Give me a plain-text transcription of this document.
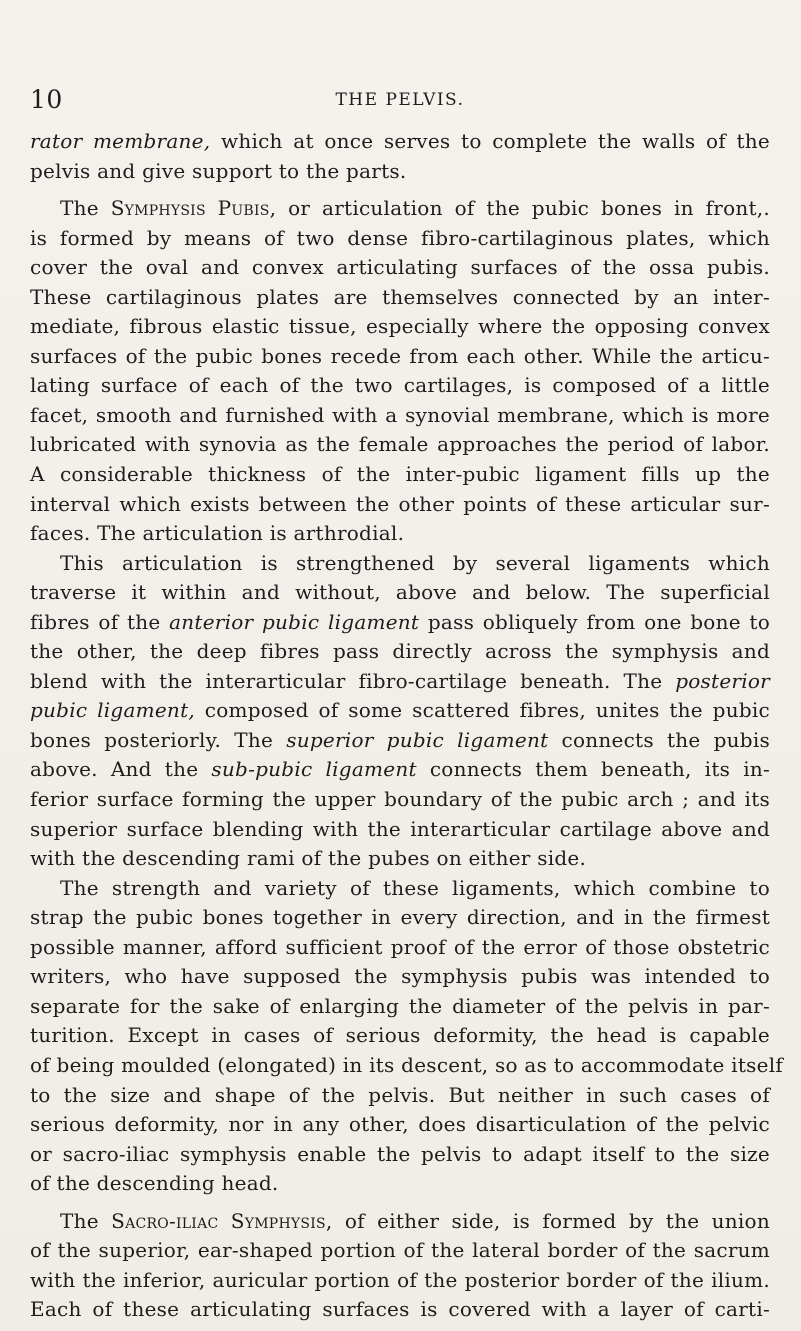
10	THE PELVIS.
rator membrane, which at once serves to complete the walls of the
pelvis and give support to the parts.
The Symphysis Pubis, or articulation of the pubic bones in front,.
is formed by means of two dense fibro-cartilaginous plates, which
cover the oval and convex articulating surfaces of the ossa pubis.
These cartilaginous plates are themselves connected by an inter-
mediate, fibrous elastic tissue, especially where the opposing convex
surfaces of the pubic bones recede from each other. While the articu-
lating surface of each of the two cartilages, is composed of a little
facet, smooth and furnished with a synovial membrane, which is more
lubricated with synovia as the female approaches the period of labor.
A considerable thickness of the inter-pubic ligament fills up the
interval which exists between the other points of these articular sur-
faces. The articulation is arthrodial.
This articulation is strengthened by several ligaments which
traverse it within and without, above and below. The superficial
fibres of the anterior pubic ligament pass obliquely from one bone to
the other, the deep fibres pass directly across the symphysis and
blend with the interarticular fibro-cartilage beneath. The posterior
pubic ligament, composed of some scattered fibres, unites the pubic
bones posteriorly. The superior pubic ligament connects the pubis
above. And the sub-pubic ligament connects them beneath, its in-
ferior surface forming the upper boundary of the pubic arch ; and its
superior surface blending with the interarticular cartilage above and
with the descending rami of the pubes on either side.
The strength and variety of these ligaments, which combine to
strap the pubic bones together in every direction, and in the firmest
possible manner, afford sufficient proof of the error of those obstetric
writers, who have supposed the symphysis pubis was intended to
separate for the sake of enlarging the diameter of the pelvis in par-
turition. Except in cases of serious deformity, the head is capable
of being moulded (elongated) in its descent, so as to accommodate itself
to the size and shape of the pelvis. But neither in such cases of
serious deformity, nor in any other, does disarticulation of the pelvic
or sacro-iliac symphysis enable the pelvis to adapt itself to the size
of the descending head.
The Sacro-iliac Symphysis, of either side, is formed by the union
of the superior, ear-shaped portion of the lateral border of the sacrum
with the inferior, auricular portion of the posterior border of the ilium.
Each of these articulating surfaces is covered with a layer of carti-
